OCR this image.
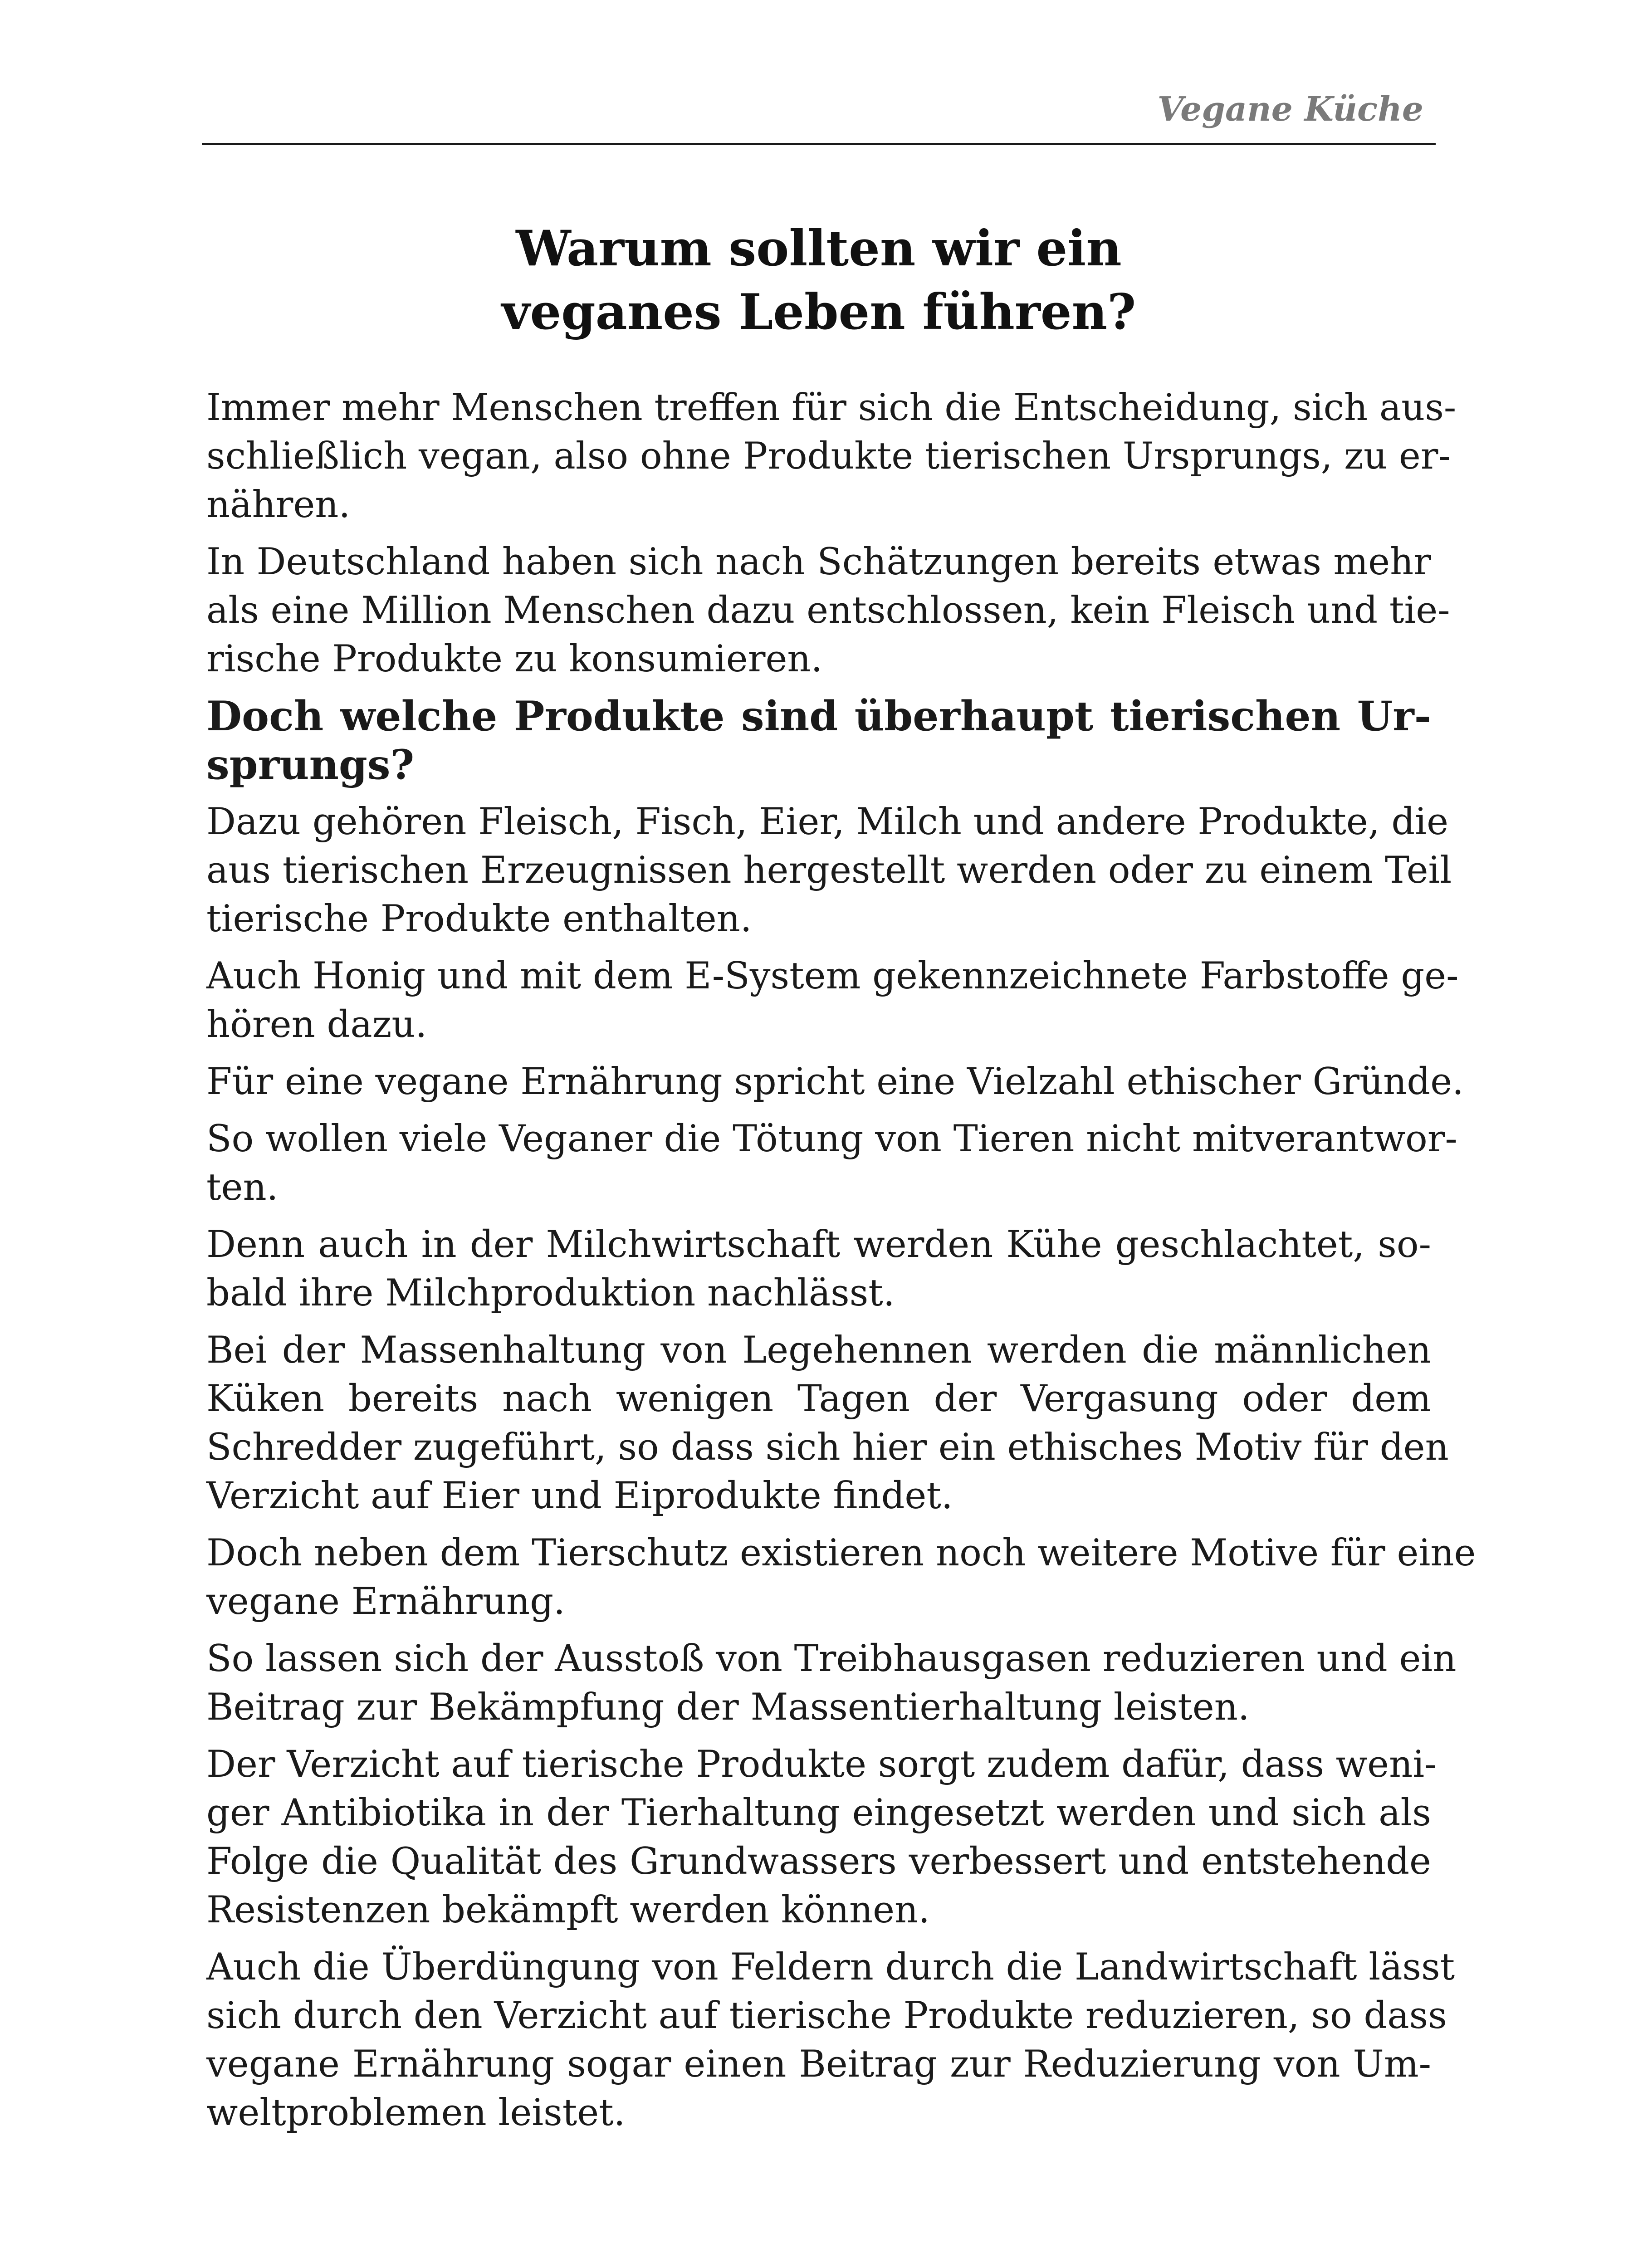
Vegane Küche
Warum sollten wir ein
veganes Leben führen?
Immer mehr Menschen treffen für sich die Entscheidung, sich aus-
schließlich vegan, also ohne Produkte tierischen Ursprungs, zu er-
nähren.
In Deutschland haben sich nach Schätzungen bereits etwas mehr
als eine Million Menschen dazu entschlossen, kein Fleisch und tie-
rische Produkte zu konsumieren.
Doch welche Produkte sind überhaupt tierischen Ur-
sprungs?
Dazu gehören Fleisch, Fisch, Eier, Milch und andere Produkte, die
aus tierischen Erzeugnissen hergestellt werden oder zu einem Teil
tierische Produkte enthalten.
Auch Honig und mit dem E-System gekennzeichnete Farbstoffe ge-
hören dazu.
Für eine vegane Ernährung spricht eine Vielzahl ethischer Gründe.
So wollen viele Veganer die Tötung von Tieren nicht mitverantwor-
ten.
Denn auch in der Milchwirtschaft werden Kühe geschlachtet, so-
bald ihre Milchproduktion nachlässt.
Bei der Massenhaltung von Legehennen werden die männlichen
Küken bereits nach wenigen Tagen der Vergasung oder dem
Schredder zugeführt, so dass sich hier ein ethisches Motiv für den
Verzicht auf Eier und Eiprodukte findet.
Doch neben dem Tierschutz existieren noch weitere Motive für eine
vegane Ernährung.
So lassen sich der Ausstoß von Treibhausgasen reduzieren und ein
Beitrag zur Bekämpfung der Massentierhaltung leisten.
Der Verzicht auf tierische Produkte sorgt zudem dafür, dass weni-
ger Antibiotika in der Tierhaltung eingesetzt werden und sich als
Folge die Qualität des Grundwassers verbessert und entstehende
Resistenzen bekämpft werden können.
Auch die Überdüngung von Feldern durch die Landwirtschaft lässt
sich durch den Verzicht auf tierische Produkte reduzieren, so dass
vegane Ernährung sogar einen Beitrag zur Reduzierung von Um-
weltproblemen leistet.
